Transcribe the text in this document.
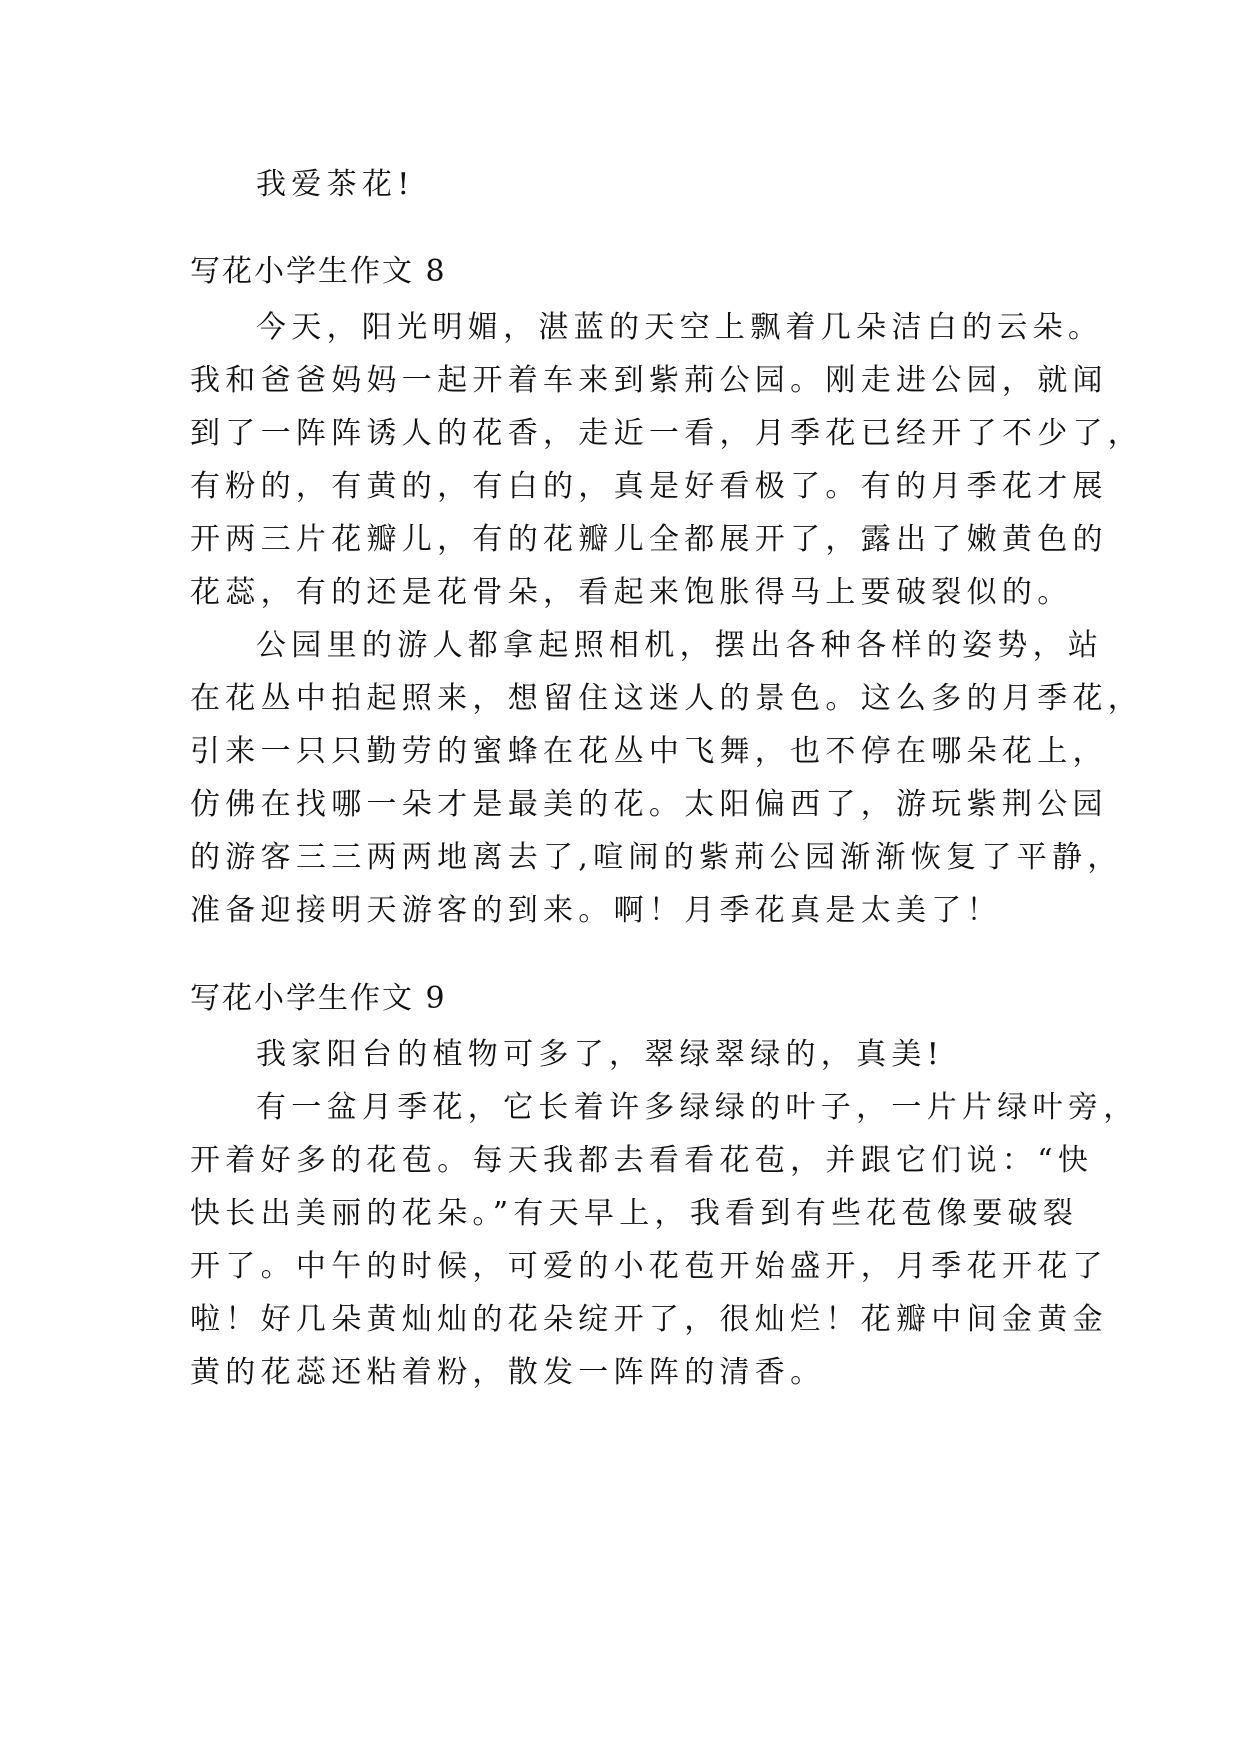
我爱茶花!
写花小学生作文 8
今天，阳光明媚，湛蓝的天空上飘着几朵洁白的云朵。
我和爸爸妈妈一起开着车来到紫荊公园。刚走进公园，就闻
到了一阵阵诱人的花香，走近一看，月季花已经开了不少了，
有粉的，有黄的，有白的，真是好看极了。有的月季花才展
开两三片花瓣儿，有的花瓣儿全都展开了，露出了嫩黄色的
花蕊，有的还是花骨朵，看起来饱胀得马上要破裂似的。
公园里的游人都拿起照相机，摆出各种各样的姿势，站
在花丛中拍起照来，想留住这迷人的景色。这么多的月季花，
引来一只只勤劳的蜜蜂在花丛中飞舞，也不停在哪朵花上，
仿佛在找哪一朵才是最美的花。太阳偏西了，游玩紫荆公园
的游客三三两两地离去了,喧闹的紫荊公园渐渐恢复了平静，
准备迎接明天游客的到来。啊！月季花真是太美了！
写花小学生作文 9
我家阳台的植物可多了，翠绿翠绿的，真美!
有一盆月季花，它长着许多绿绿的叶子，一片片绿叶旁，
开着好多的花苞。每天我都去看看花苞，并跟它们说：“快
快长出美丽的花朵。”有天早上，我看到有些花苞像要破裂
开了。中午的时候，可爱的小花苞开始盛开，月季花开花了
啦！好几朵黄灿灿的花朵绽开了，很灿烂！花瓣中间金黄金
黄的花蕊还粘着粉，散发一阵阵的清香。
